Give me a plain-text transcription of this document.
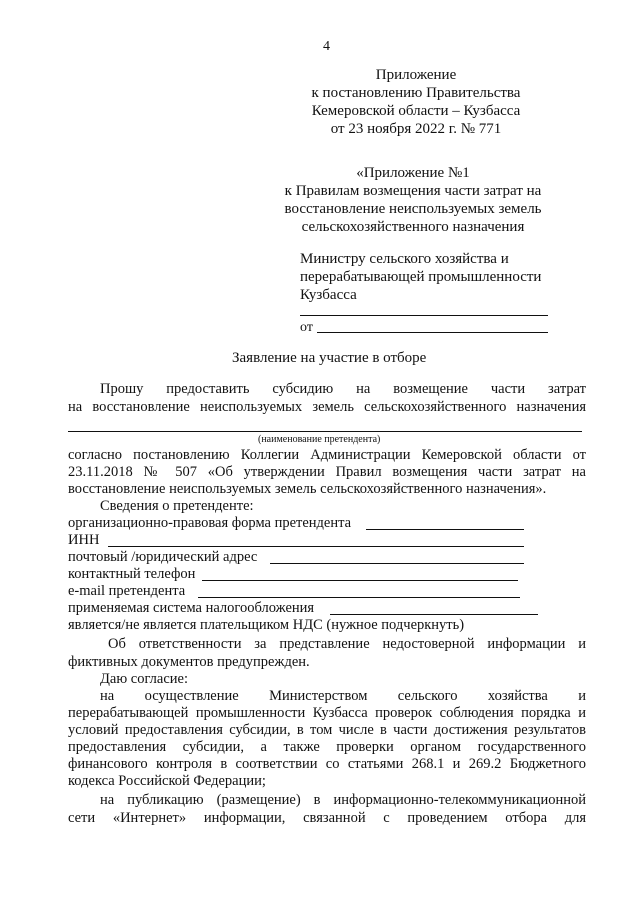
4
Приложение
к постановлению Правительства
Кемеровской области – Кузбасса
от 23 ноября 2022 г. № 771
«Приложение №1
к Правилам возмещения части затрат на
восстановление неиспользуемых земель
сельскохозяйственного назначения
Министру сельского хозяйства и
перерабатывающей промышленности
Кузбасса
от
Заявление на участие в отборе
Прошу предоставить субсидию на возмещение части затрат
на восстановление неиспользуемых земель сельскохозяйственного назначения
(наименование претендента)
согласно постановлению Коллегии Администрации Кемеровской области от
23.11.2018 № 507 «Об утверждении Правил возмещения части затрат на
восстановление неиспользуемых земель сельскохозяйственного назначения».
Сведения о претенденте:
организационно-правовая форма претендента
ИНН
почтовый /юридический адрес
контактный телефон
e-mail претендента
применяемая система налогообложения
является/не является плательщиком НДС (нужное подчеркнуть)
Об ответственности за представление недостоверной информации и
фиктивных документов предупрежден.
Даю согласие:
на осуществление Министерством сельского хозяйства и
перерабатывающей промышленности Кузбасса проверок соблюдения порядка и
условий предоставления субсидии, в том числе в части достижения результатов
предоставления субсидии, а также проверки органом государственного
финансового контроля в соответствии со статьями 268.1 и 269.2 Бюджетного
кодекса Российской Федерации;
на публикацию (размещение) в информационно-телекоммуникационной
сети «Интернет» информации, связанной с проведением отбора для
